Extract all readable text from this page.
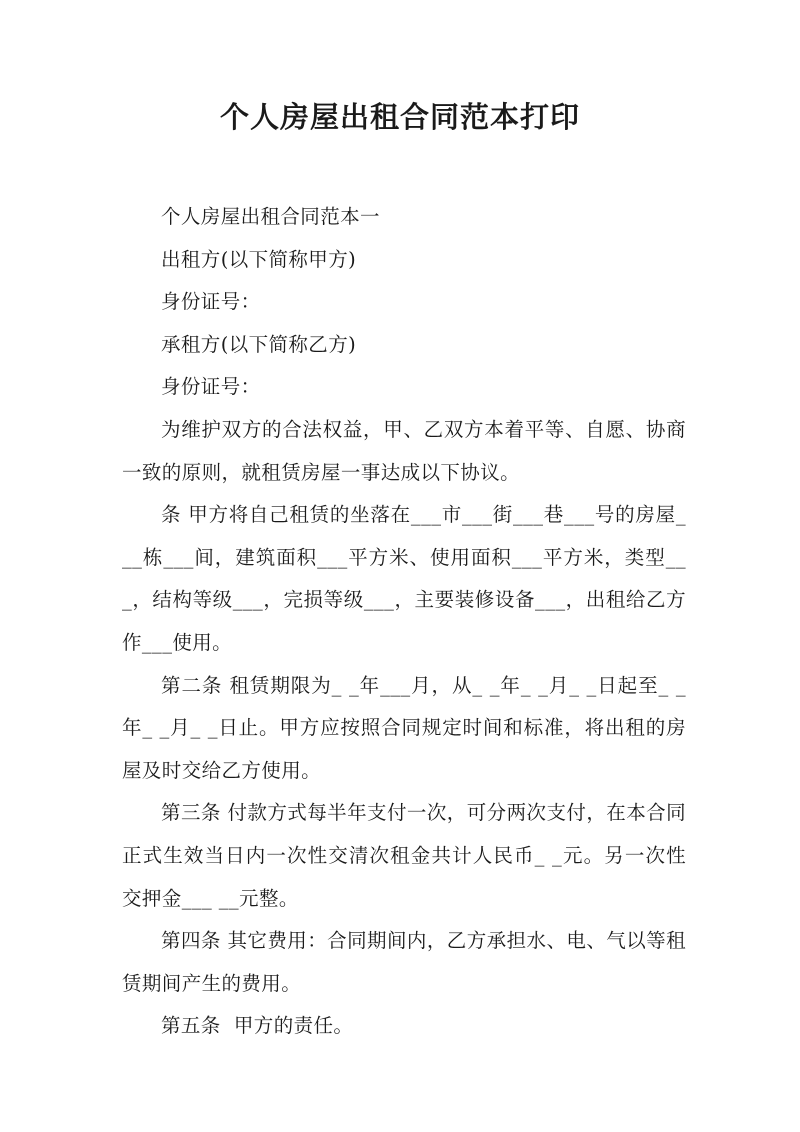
个人房屋出租合同范本打印

个人房屋出租合同范本一

出租方(以下简称甲方)

身份证号：

承租方(以下简称乙方)

身份证号：

为维护双方的合法权益，甲、乙双方本着平等、自愿、协商一致的原则，就租赁房屋一事达成以下协议。

条 甲方将自己租赁的坐落在___市___街___巷___号的房屋___栋___间，建筑面积___平方米、使用面积___平方米，类型___，结构等级___，完损等级___，主要装修设备___，出租给乙方作___使用。

第二条 租赁期限为_ _年___月，从_ _年_ _月_ _日起至_ _年_ _月_ _日止。甲方应按照合同规定时间和标准，将出租的房屋及时交给乙方使用。

第三条 付款方式每半年支付一次，可分两次支付，在本合同正式生效当日内一次性交清次租金共计人民币_ _元。另一次性交押金___ __元整。

第四条 其它费用：合同期间内，乙方承担水、电、气以等租赁期间产生的费用。

第五条  甲方的责任。
